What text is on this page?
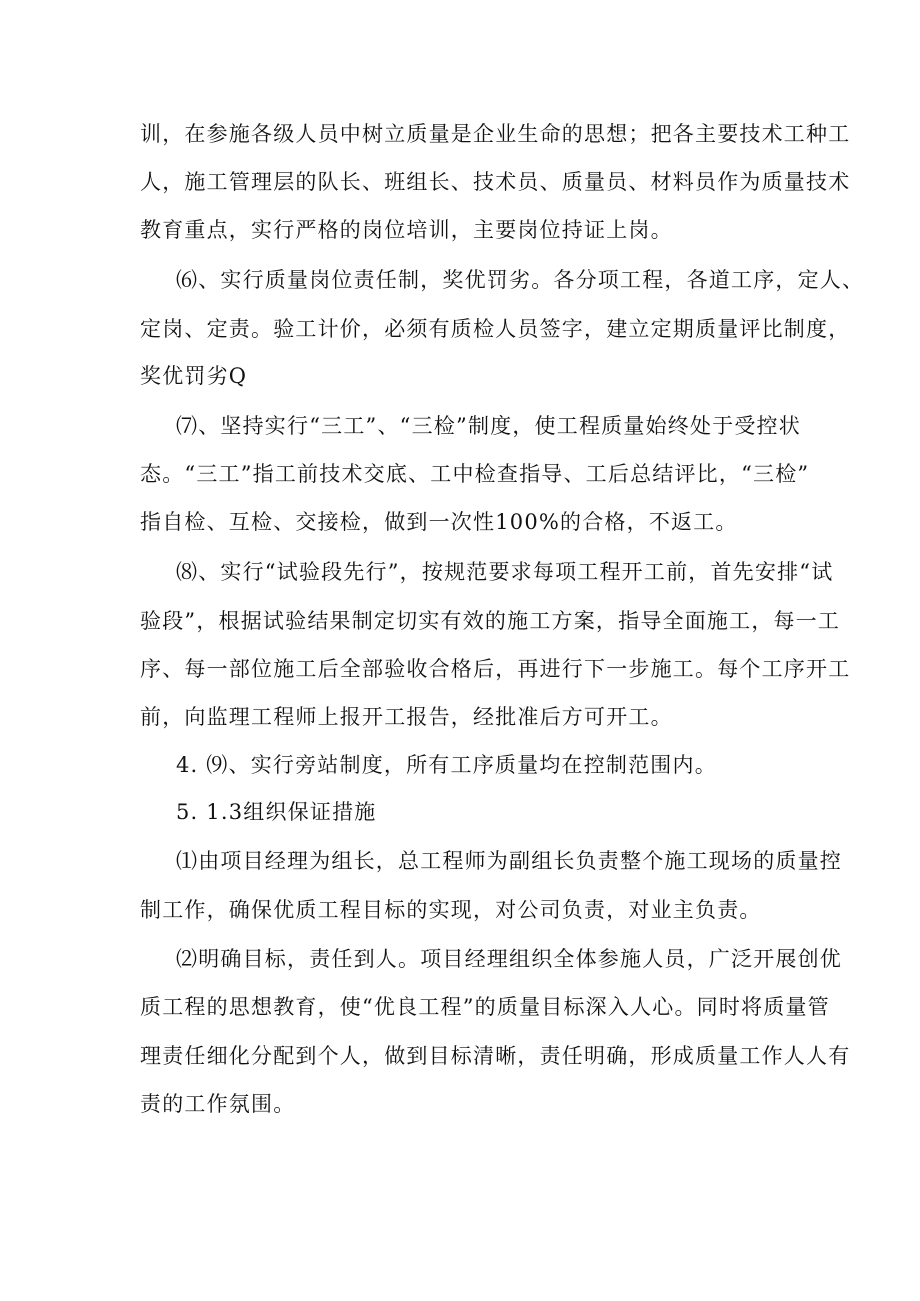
训，在参施各级人员中树立质量是企业生命的思想；把各主要技术工种工
人，施工管理层的队长、班组长、技术员、质量员、材料员作为质量技术
教育重点，实行严格的岗位培训，主要岗位持证上岗。
⑹、实行质量岗位责任制，奖优罚劣。各分项工程，各道工序，定人、
定岗、定责。验工计价，必须有质检人员签字，建立定期质量评比制度，
奖优罚劣Q
⑺、坚持实行“三工”、“三检”制度，使工程质量始终处于受控状
态。“三工”指工前技术交底、工中检查指导、工后总结评比，“三检”
指自检、互检、交接检，做到一次性100%的合格，不返工。
⑻、实行“试验段先行”，按规范要求每项工程开工前，首先安排“试
验段”，根据试验结果制定切实有效的施工方案，指导全面施工，每一工
序、每一部位施工后全部验收合格后，再进行下一步施工。每个工序开工
前，向监理工程师上报开工报告，经批准后方可开工。
4. ⑼、实行旁站制度，所有工序质量均在控制范围内。
5. 1.3组织保证措施
⑴由项目经理为组长，总工程师为副组长负责整个施工现场的质量控
制工作，确保优质工程目标的实现，对公司负责，对业主负责。
⑵明确目标，责任到人。项目经理组织全体参施人员，广泛开展创优
质工程的思想教育，使“优良工程”的质量目标深入人心。同时将质量管
理责任细化分配到个人，做到目标清晰，责任明确，形成质量工作人人有
责的工作氛围。
